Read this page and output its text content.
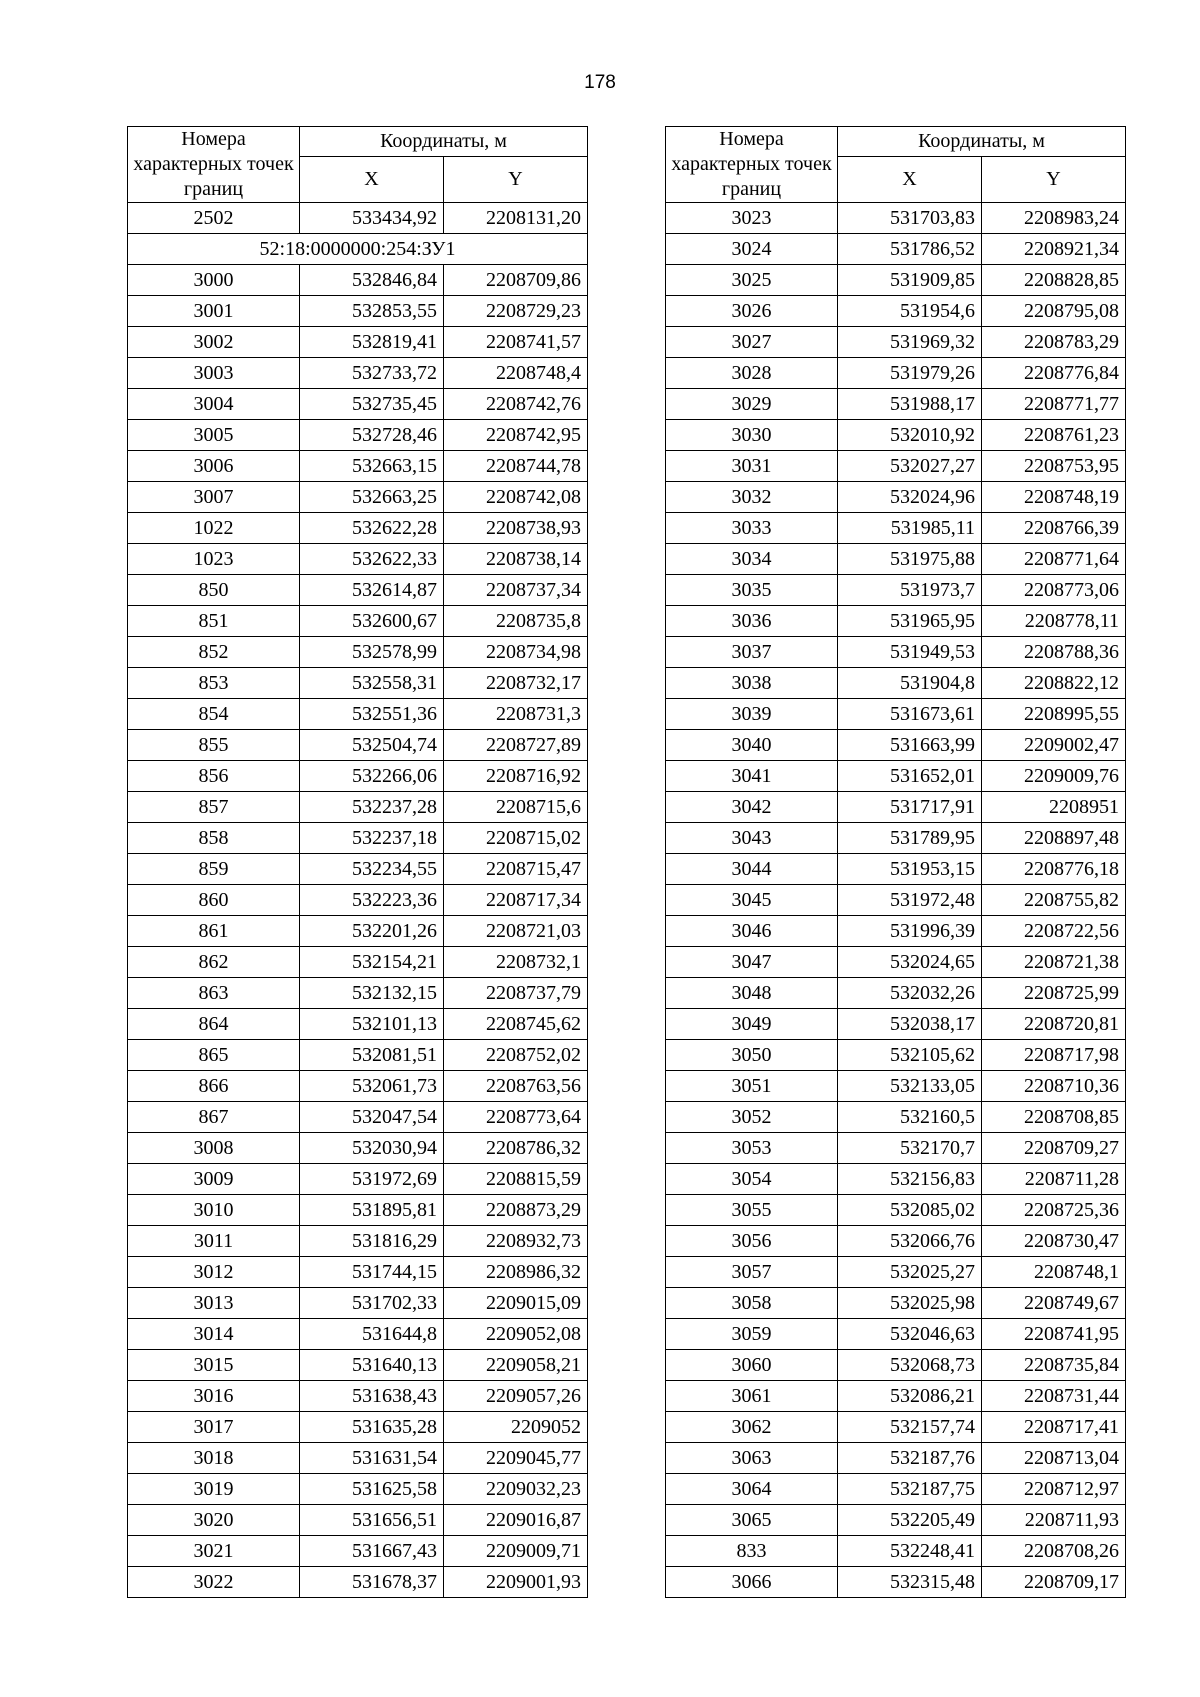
178
Номера характерных точек границ	Координаты, м	
	X	Y
2502	533434,92	2208131,20
52:18:0000000:254:ЗУ1		
3000	532846,84	2208709,86
3001	532853,55	2208729,23
3002	532819,41	2208741,57
3003	532733,72	2208748,4
3004	532735,45	2208742,76
3005	532728,46	2208742,95
3006	532663,15	2208744,78
3007	532663,25	2208742,08
1022	532622,28	2208738,93
1023	532622,33	2208738,14
850	532614,87	2208737,34
851	532600,67	2208735,8
852	532578,99	2208734,98
853	532558,31	2208732,17
854	532551,36	2208731,3
855	532504,74	2208727,89
856	532266,06	2208716,92
857	532237,28	2208715,6
858	532237,18	2208715,02
859	532234,55	2208715,47
860	532223,36	2208717,34
861	532201,26	2208721,03
862	532154,21	2208732,1
863	532132,15	2208737,79
864	532101,13	2208745,62
865	532081,51	2208752,02
866	532061,73	2208763,56
867	532047,54	2208773,64
3008	532030,94	2208786,32
3009	531972,69	2208815,59
3010	531895,81	2208873,29
3011	531816,29	2208932,73
3012	531744,15	2208986,32
3013	531702,33	2209015,09
3014	531644,8	2209052,08
3015	531640,13	2209058,21
3016	531638,43	2209057,26
3017	531635,28	2209052
3018	531631,54	2209045,77
3019	531625,58	2209032,23
3020	531656,51	2209016,87
3021	531667,43	2209009,71
3022	531678,37	2209001,93
Номера характерных точек границ	Координаты, м	
	X	Y
3023	531703,83	2208983,24
3024	531786,52	2208921,34
3025	531909,85	2208828,85
3026	531954,6	2208795,08
3027	531969,32	2208783,29
3028	531979,26	2208776,84
3029	531988,17	2208771,77
3030	532010,92	2208761,23
3031	532027,27	2208753,95
3032	532024,96	2208748,19
3033	531985,11	2208766,39
3034	531975,88	2208771,64
3035	531973,7	2208773,06
3036	531965,95	2208778,11
3037	531949,53	2208788,36
3038	531904,8	2208822,12
3039	531673,61	2208995,55
3040	531663,99	2209002,47
3041	531652,01	2209009,76
3042	531717,91	2208951
3043	531789,95	2208897,48
3044	531953,15	2208776,18
3045	531972,48	2208755,82
3046	531996,39	2208722,56
3047	532024,65	2208721,38
3048	532032,26	2208725,99
3049	532038,17	2208720,81
3050	532105,62	2208717,98
3051	532133,05	2208710,36
3052	532160,5	2208708,85
3053	532170,7	2208709,27
3054	532156,83	2208711,28
3055	532085,02	2208725,36
3056	532066,76	2208730,47
3057	532025,27	2208748,1
3058	532025,98	2208749,67
3059	532046,63	2208741,95
3060	532068,73	2208735,84
3061	532086,21	2208731,44
3062	532157,74	2208717,41
3063	532187,76	2208713,04
3064	532187,75	2208712,97
3065	532205,49	2208711,93
833	532248,41	2208708,26
3066	532315,48	2208709,17
